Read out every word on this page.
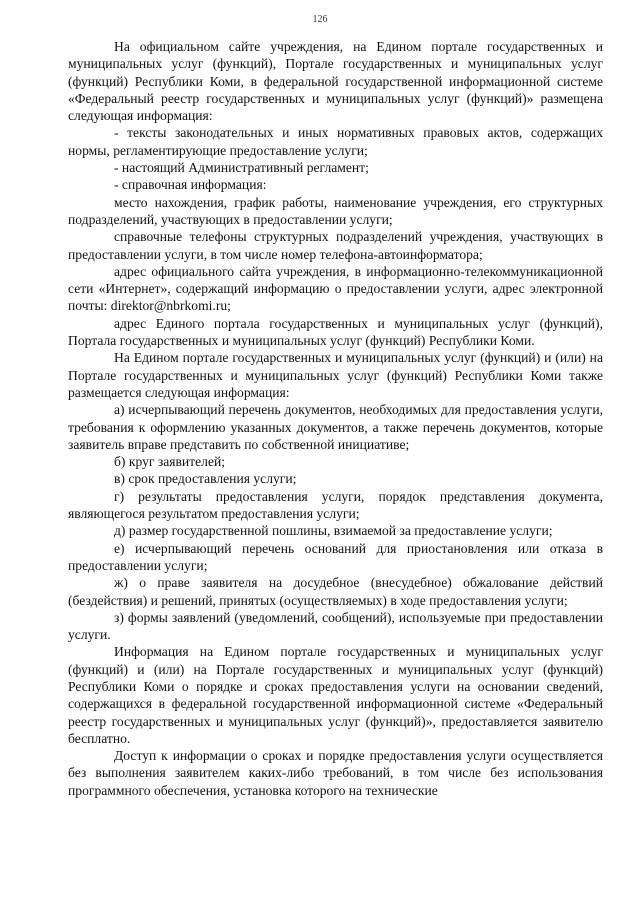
126

На официальном сайте учреждения, на Едином портале государственных и муниципальных услуг (функций), Портале государственных и муниципальных услуг (функций) Республики Коми, в федеральной государственной информационной системе «Федеральный реестр государственных и муниципальных услуг (функций)» размещена следующая информация:

- тексты законодательных и иных нормативных правовых актов, содержащих нормы, регламентирующие предоставление услуги;

- настоящий Административный регламент;

- справочная информация:

место нахождения, график работы, наименование учреждения, его структурных подразделений, участвующих в предоставлении услуги;

справочные телефоны структурных подразделений учреждения, участвующих в предоставлении услуги, в том числе номер телефона-автоинформатора;

адрес официального сайта учреждения, в информационно-телекоммуникационной сети «Интернет», содержащий информацию о предоставлении услуги, адрес электронной почты: direktor@nbrkomi.ru;

адрес Единого портала государственных и муниципальных услуг (функций), Портала государственных и муниципальных услуг (функций) Республики Коми.

На Едином портале государственных и муниципальных услуг (функций) и (или) на Портале государственных и муниципальных услуг (функций) Республики Коми также размещается следующая информация:

а) исчерпывающий перечень документов, необходимых для предоставления услуги, требования к оформлению указанных документов, а также перечень документов, которые заявитель вправе представить по собственной инициативе;

б) круг заявителей;

в) срок предоставления услуги;

г) результаты предоставления услуги, порядок представления документа, являющегося результатом предоставления услуги;

д) размер государственной пошлины, взимаемой за предоставление услуги;

е) исчерпывающий перечень оснований для приостановления или отказа в предоставлении услуги;

ж) о праве заявителя на досудебное (внесудебное) обжалование действий (бездействия) и решений, принятых (осуществляемых) в ходе предоставления услуги;

з) формы заявлений (уведомлений, сообщений), используемые при предоставлении услуги.

Информация на Едином портале государственных и муниципальных услуг (функций) и (или) на Портале государственных и муниципальных услуг (функций) Республики Коми о порядке и сроках предоставления услуги на основании сведений, содержащихся в федеральной государственной информационной системе «Федеральный реестр государственных и муниципальных услуг (функций)», предоставляется заявителю бесплатно.

Доступ к информации о сроках и порядке предоставления услуги осуществляется без выполнения заявителем каких-либо требований, в том числе без использования программного обеспечения, установка которого на технические
